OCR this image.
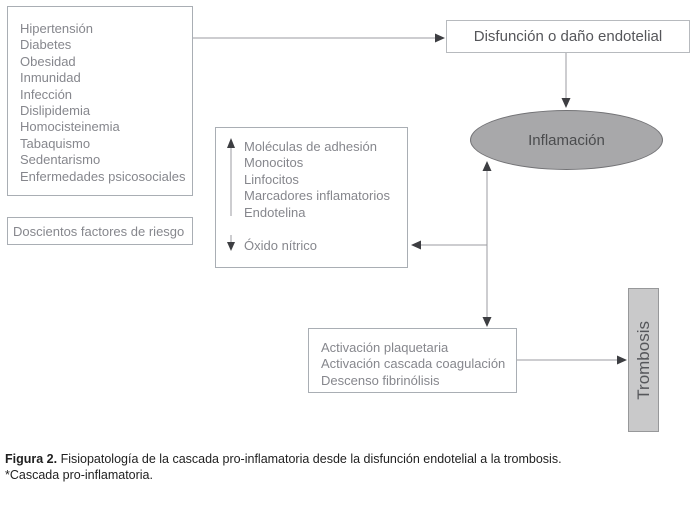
Hipertensión
Diabetes
Obesidad
Inmunidad
Infección
Dislipidemia
Homocisteinemia
Tabaquismo
Sedentarismo
Enfermedades psicosociales
Doscientos factores de riesgo
Disfunción o daño endotelial
Inflamación
Moléculas de adhesión
Monocitos
Linfocitos
Marcadores inflamatorios
Endotelina
Óxido nítrico
Activación plaquetaria
Activación cascada coagulación
Descenso fibrinólisis	Trombosis
Figura 2. Fisiopatología de la cascada pro-inflamatoria desde la disfunción endotelial a la trombosis.
*Cascada pro-inflamatoria.
